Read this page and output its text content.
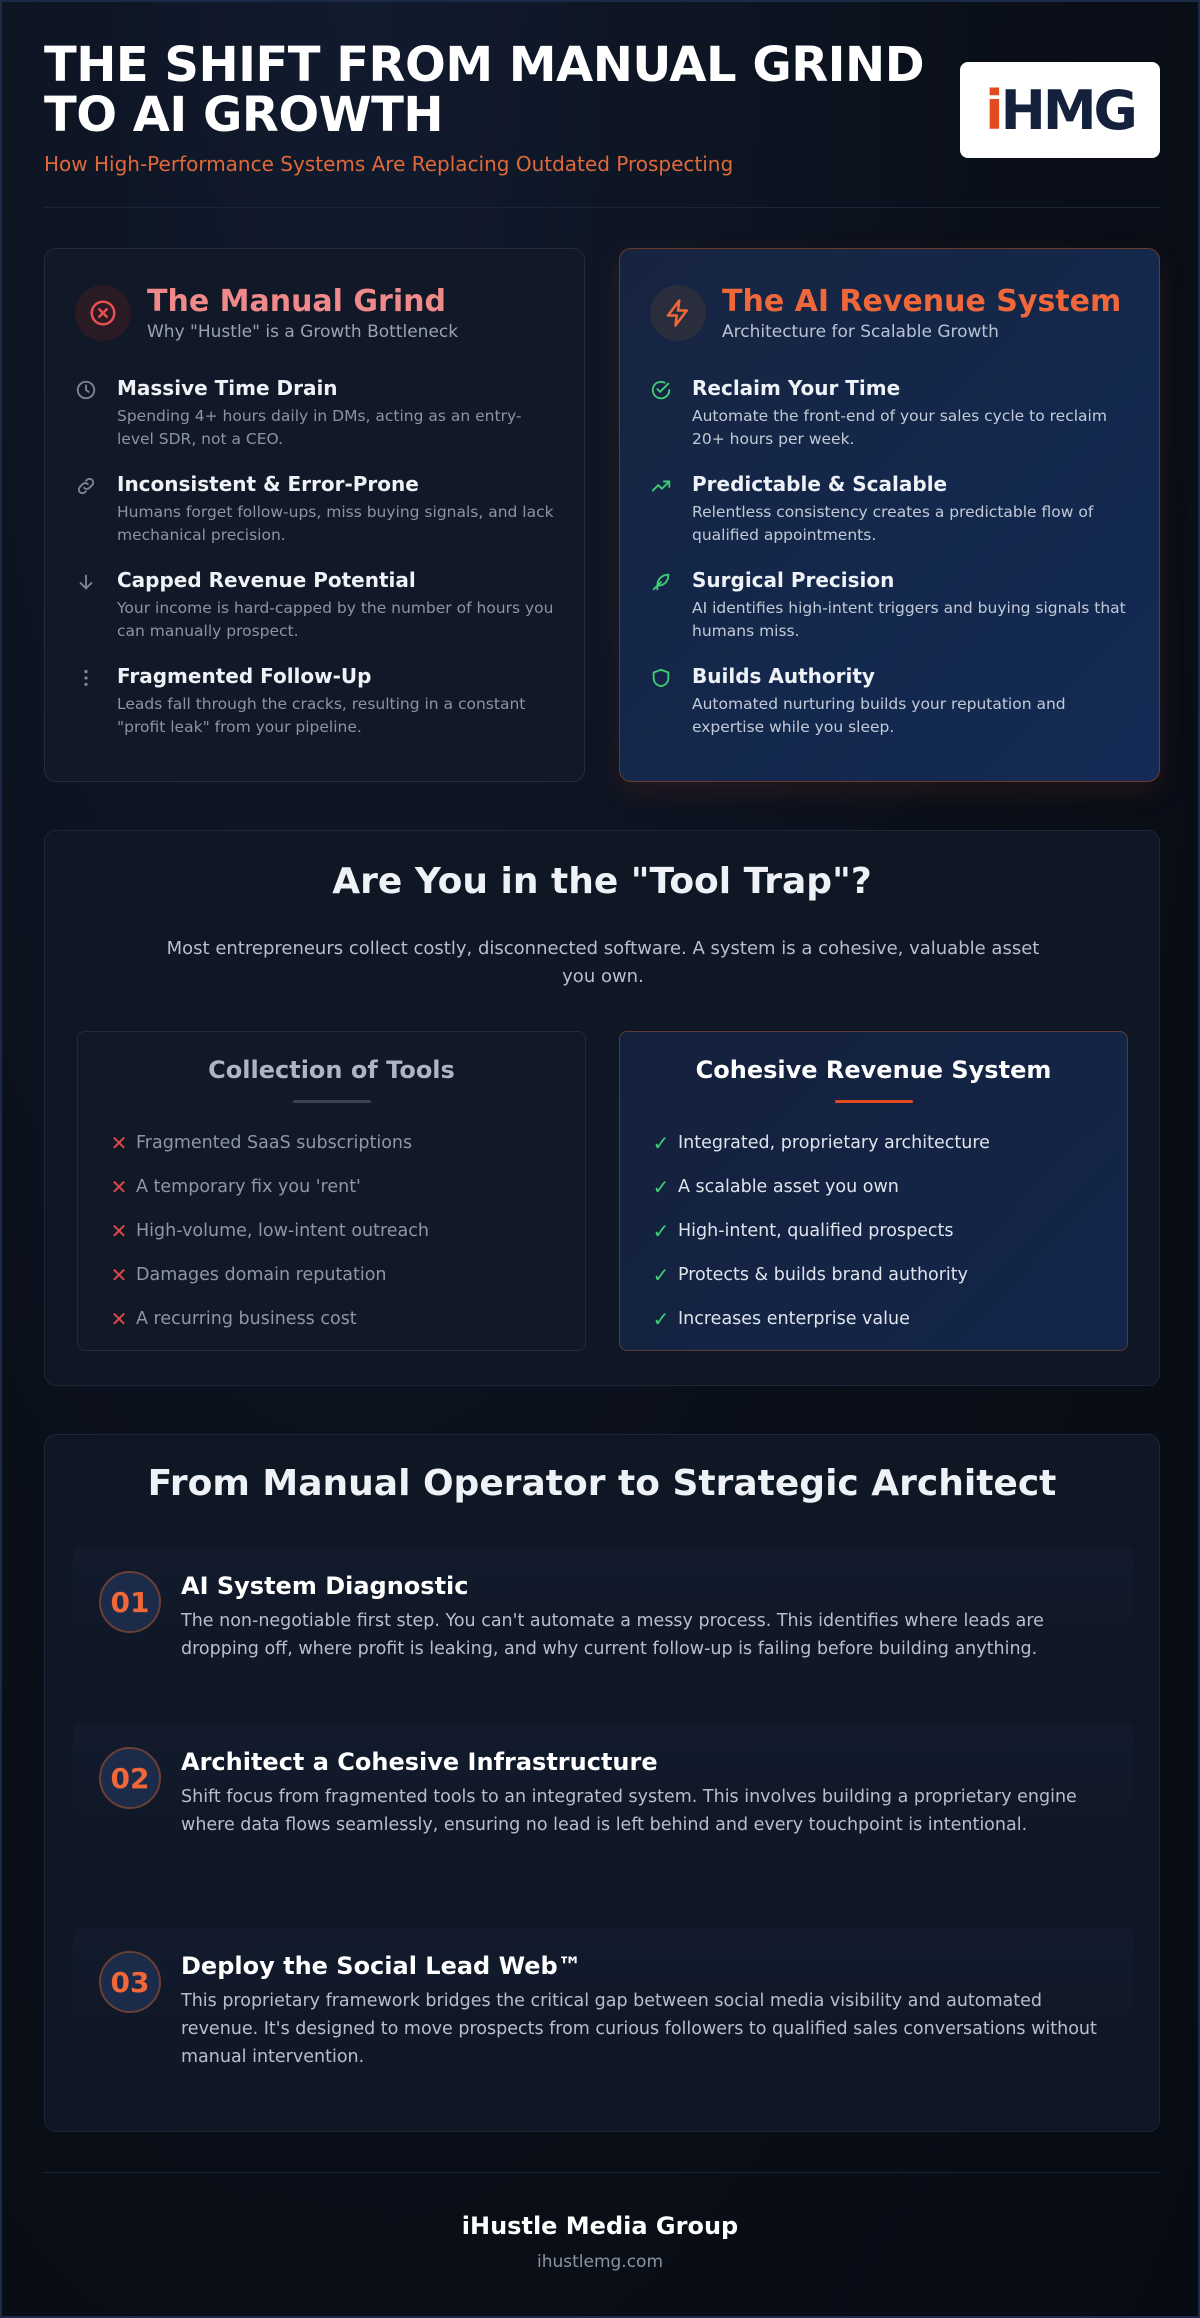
THE SHIFT FROM MANUAL GRIND TO AI GROWTH
How High-Performance Systems Are Replacing Outdated Prospecting
iHMG
The Manual Grind
Why "Hustle" is a Growth Bottleneck
Massive Time Drain
Spending 4+ hours daily in DMs, acting as an entry-level SDR, not a CEO.
Inconsistent & Error-Prone
Humans forget follow-ups, miss buying signals, and lack mechanical precision.
Capped Revenue Potential
Your income is hard-capped by the number of hours you can manually prospect.
Fragmented Follow-Up
Leads fall through the cracks, resulting in a constant "profit leak" from your pipeline.
The AI Revenue System
Architecture for Scalable Growth
Reclaim Your Time
Automate the front-end of your sales cycle to reclaim 20+ hours per week.
Predictable & Scalable
Relentless consistency creates a predictable flow of qualified appointments.
Surgical Precision
AI identifies high-intent triggers and buying signals that humans miss.
Builds Authority
Automated nurturing builds your reputation and expertise while you sleep.
Are You in the "Tool Trap"?
Most entrepreneurs collect costly, disconnected software. A system is a cohesive, valuable asset you own.
Collection of Tools
✕ Fragmented SaaS subscriptions
✕ A temporary fix you 'rent'
✕ High-volume, low-intent outreach
✕ Damages domain reputation
✕ A recurring business cost
Cohesive Revenue System
✓ Integrated, proprietary architecture
✓ A scalable asset you own
✓ High-intent, qualified prospects
✓ Protects & builds brand authority
✓ Increases enterprise value
From Manual Operator to Strategic Architect
01	AI System Diagnostic
The non-negotiable first step. You can't automate a messy process. This identifies where leads are dropping off, where profit is leaking, and why current follow-up is failing before building anything.
02	Architect a Cohesive Infrastructure
Shift focus from fragmented tools to an integrated system. This involves building a proprietary engine where data flows seamlessly, ensuring no lead is left behind and every touchpoint is intentional.
03	Deploy the Social Lead Web™
This proprietary framework bridges the critical gap between social media visibility and automated revenue. It's designed to move prospects from curious followers to qualified sales conversations without manual intervention.
iHustle Media Group
ihustlemg.com
